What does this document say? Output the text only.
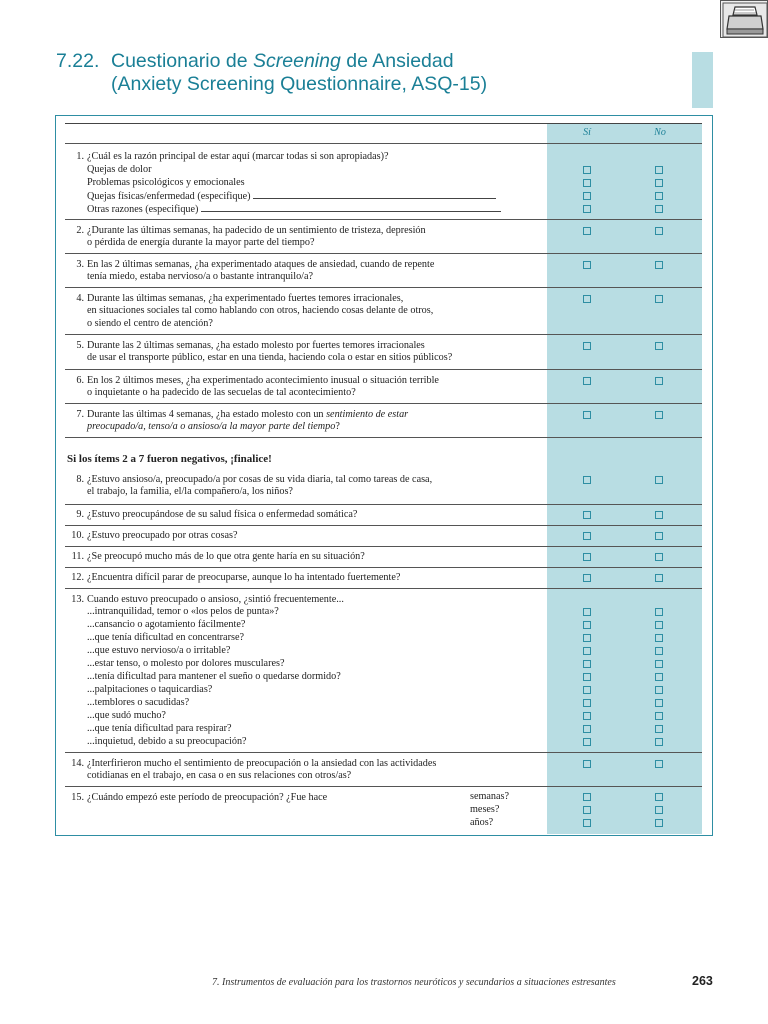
7.22. Cuestionario de Screening de Ansiedad
(Anxiety Screening Questionnaire, ASQ-15)
Sí	No
1. ¿Cuál es la razón principal de estar aquí (marcar todas si son apropiadas)?
Quejas de dolor
Problemas psicológicos y emocionales
Quejas físicas/enfermedad (especifique)
Otras razones (especifique)
2. ¿Durante las últimas semanas, ha padecido de un sentimiento de tristeza, depresión
o pérdida de energía durante la mayor parte del tiempo?
3. En las 2 últimas semanas, ¿ha experimentado ataques de ansiedad, cuando de repente
tenía miedo, estaba nervioso/a o bastante intranquilo/a?
4. Durante las últimas semanas, ¿ha experimentado fuertes temores irracionales,
en situaciones sociales tal como hablando con otros, haciendo cosas delante de otros,
o siendo el centro de atención?
5. Durante las 2 últimas semanas, ¿ha estado molesto por fuertes temores irracionales
de usar el transporte público, estar en una tienda, haciendo cola o estar en sitios públicos?
6. En los 2 últimos meses, ¿ha experimentado acontecimiento inusual o situación terrible
o inquietante o ha padecido de las secuelas de tal acontecimiento?
7. Durante las últimas 4 semanas, ¿ha estado molesto con un sentimiento de estar
preocupado/a, tenso/a o ansioso/a la mayor parte del tiempo?
Si los ítems 2 a 7 fueron negativos, ¡finalice!
8. ¿Estuvo ansioso/a, preocupado/a por cosas de su vida diaria, tal como tareas de casa,
el trabajo, la familia, el/la compañero/a, los niños?
9. ¿Estuvo preocupándose de su salud física o enfermedad somática?
10. ¿Estuvo preocupado por otras cosas?
11. ¿Se preocupó mucho más de lo que otra gente haría en su situación?
12. ¿Encuentra difícil parar de preocuparse, aunque lo ha intentado fuertemente?
13. Cuando estuvo preocupado o ansioso, ¿sintió frecuentemente...
...intranquilidad, temor o «los pelos de punta»?
...cansancio o agotamiento fácilmente?
...que tenía dificultad en concentrarse?
...que estuvo nervioso/a o irritable?
...estar tenso, o molesto por dolores musculares?
...tenía dificultad para mantener el sueño o quedarse dormido?
...palpitaciones o taquicardias?
...temblores o sacudidas?
...que sudó mucho?
...que tenía dificultad para respirar?
...inquietud, debido a su preocupación?
14. ¿Interfirieron mucho el sentimiento de preocupación o la ansiedad con las actividades
cotidianas en el trabajo, en casa o en sus relaciones con otros/as?
15. ¿Cuándo empezó este período de preocupación? ¿Fue hace	semanas?
meses?
años?
7. Instrumentos de evaluación para los trastornos neuróticos y secundarios a situaciones estresantes	263
